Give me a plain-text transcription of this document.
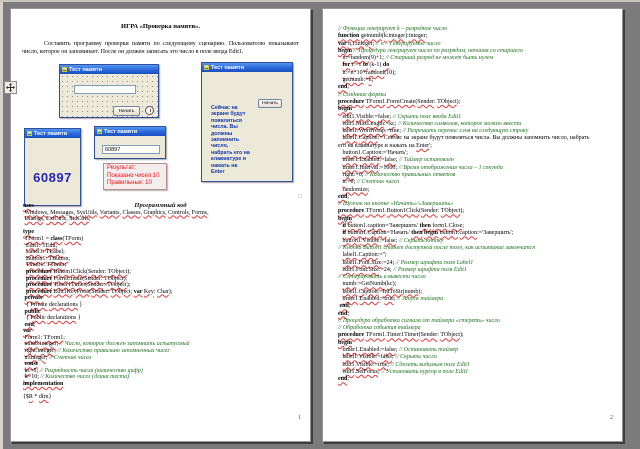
ИГРА «Проверка памяти».
Составить программу проверки памяти по следующему сценарию. Пользователю показывают число, которое он запоминает. После он должен записать это число в поле ввода Edit1.
Тест памяти
Начать
Тест памяти
Сейчас на экране будут появляться числа. Вы должны запомнить число, набрать его на клавиатуре и нажать на Enter
Начать
Тест памяти
60897
Тест памяти
60897
Результат:
Показано чисел:10
Правильных: 10
Программный код
□
uses
Windows, Messages, SysUtils, Variants, Classes, Graphics, Controls, Forms,
Dialogs, ExtCtrls, StdCtrls;

type
TForm1 = class(TForm)
Edit1: TEdit;
Label1: TLabel;
Button1: TButton;
Timer1: TTimer;
procedure Button1Click(Sender: TObject);
procedure FormCreate(Sender: TObject);
procedure Timer1Timer(Sender: TObject);
procedure Edit1KeyPress(Sender: TObject; var Key: Char);
private
{ Private declarations }
public
{ Public declarations }
end;
var
Form1: TForm1;
numb:integer; // Число, которое должен запомнить испытуемый
right:integer; // Количество правильно запомненных чисел
n:integer; // Счетчик чисел
const
kc=5; // Разрядность числа (количество цифр)
lt=10; // Количество чисел (длина теста)
implementation

{$R * dfm}
1
// Функция генерирует k – разрядное число
function getnumb(k:integer):integer;
var n,i:integer; // n – Генерируемое число
begin // Процедура генерирует число по разрядам, начиная со старшего
n:=random(9)+1; // Старший разряд не может быть нулем
for i:=1 to (k-1) do
n:=n*10+random(10);
getnumb:=n;
end;
// Создание формы
procedure TForm1.FormCreate(Sender: TObject);
begin
edit1.Visible:=false; // Скрыть поле ввода Edit1
edit1.MaxLength:=kc; // Количество символов, которое можно ввести
label1.WordWrap:=true; // Разрешить перенос слов на следующую строку
label1.Caption:='Сейчас на экране будут появляться числа. Вы должны запомнить число, набрать
его на клавиатуре и нажать на Enter';
button1.Caption:='Начать';
timer1.Enabled:=false; // Таймер остановлен
timer1.Interval:=1000; // Время отображения числа – 1 секунда
right:=0; // Количество правильных ответов
n:=0; // Счетчик чисел
randomize;
end;
// Щелчок на кнопке «Начать»/«Завершить»
procedure TForm1.Button1Click(Sender: TObject);
begin
if button1.caption='Завершить' then form1.Close;
if button1.Caption='Начать' then begin button1.caption:='Завершить';
button1.Visible:=false; // Скрыть кнопку
// Кнопка Button1 станет доступной после того, как испытание закончится
label1.Caption:='';
label1.Font.Size:=24; // Размер шрифта поля Label1
edit1.Font.Size:=24; // Размер шрифта поля Edit1
// Сгенерировать и вывести число
numb:=GetNumb(kc);
label1.Caption:=IntToStr(numb);
timer1.Enabled:=true; // Запуск таймера
end;
end;
// Процедура обработки сигнала от таймера «стереть» число
// Обработка события таймера
procedure TForm1.Timer1Timer(Sender: TObject);
begin
timer1.Enabled:=false; // Остановить таймер
label1.Visible:=false; // Скрыть число
edit1.Visible:=true; // Сделать видимым поле Edit1
edit1.SetFocus; // Установить курсор в поле Edit1
end;
2
